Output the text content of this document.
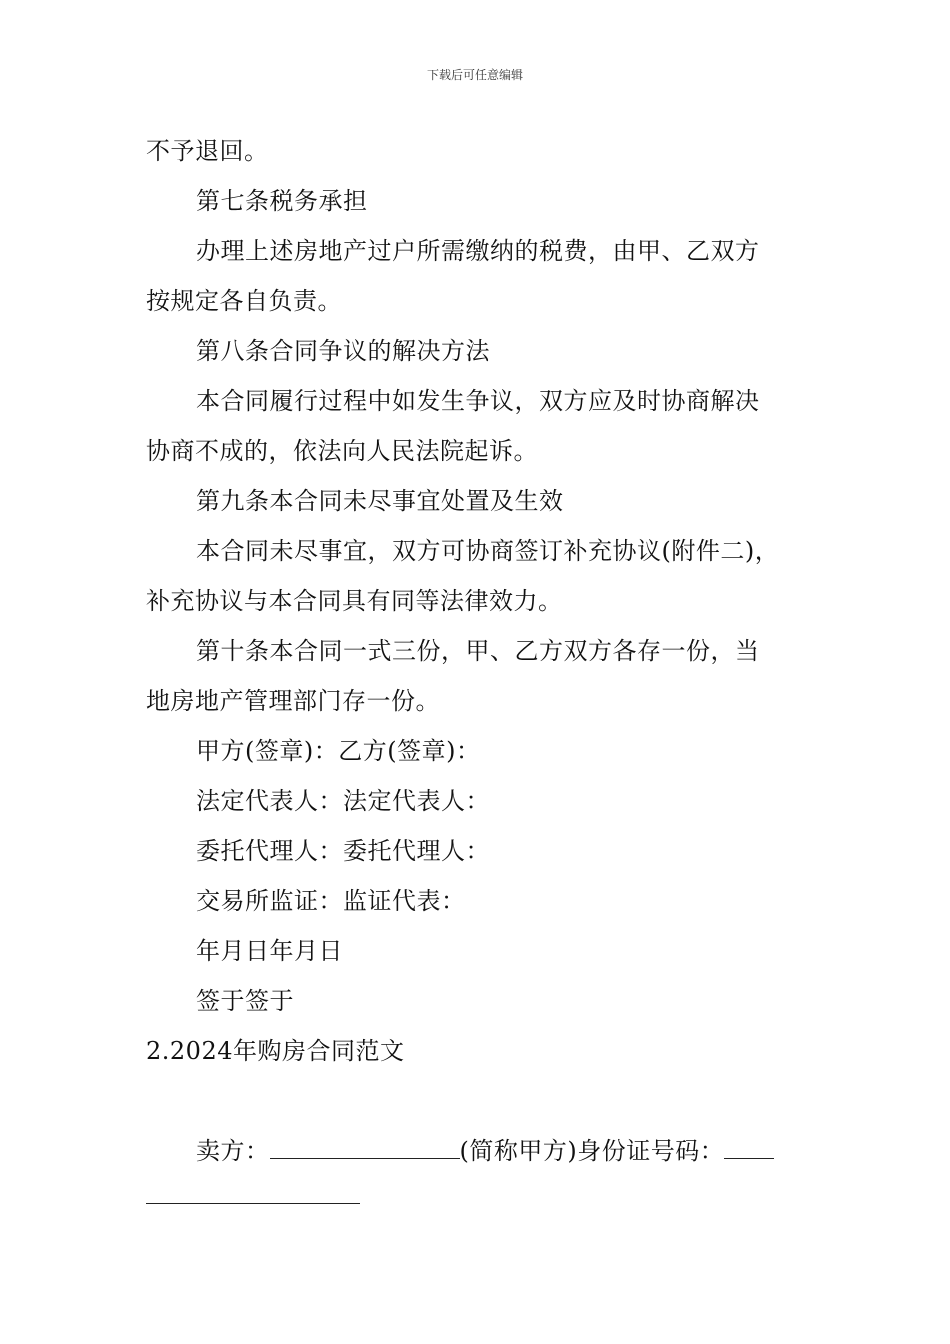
下载后可任意编辑
不予退回。
第七条税务承担
办理上述房地产过户所需缴纳的税费，由甲、乙双方
按规定各自负责。
第八条合同争议的解决方法
本合同履行过程中如发生争议，双方应及时协商解决
协商不成的，依法向人民法院起诉。
第九条本合同未尽事宜处置及生效
本合同未尽事宜，双方可协商签订补充协议(附件二)，
补充协议与本合同具有同等法律效力。
第十条本合同一式三份，甲、乙方双方各存一份，当
地房地产管理部门存一份。
甲方(签章)：乙方(签章)：
法定代表人：法定代表人：
委托代理人：委托代理人：
交易所监证：监证代表：
年月日年月日
签于签于
2.2024年购房合同范文
卖方：	(简称甲方)身份证号码：
